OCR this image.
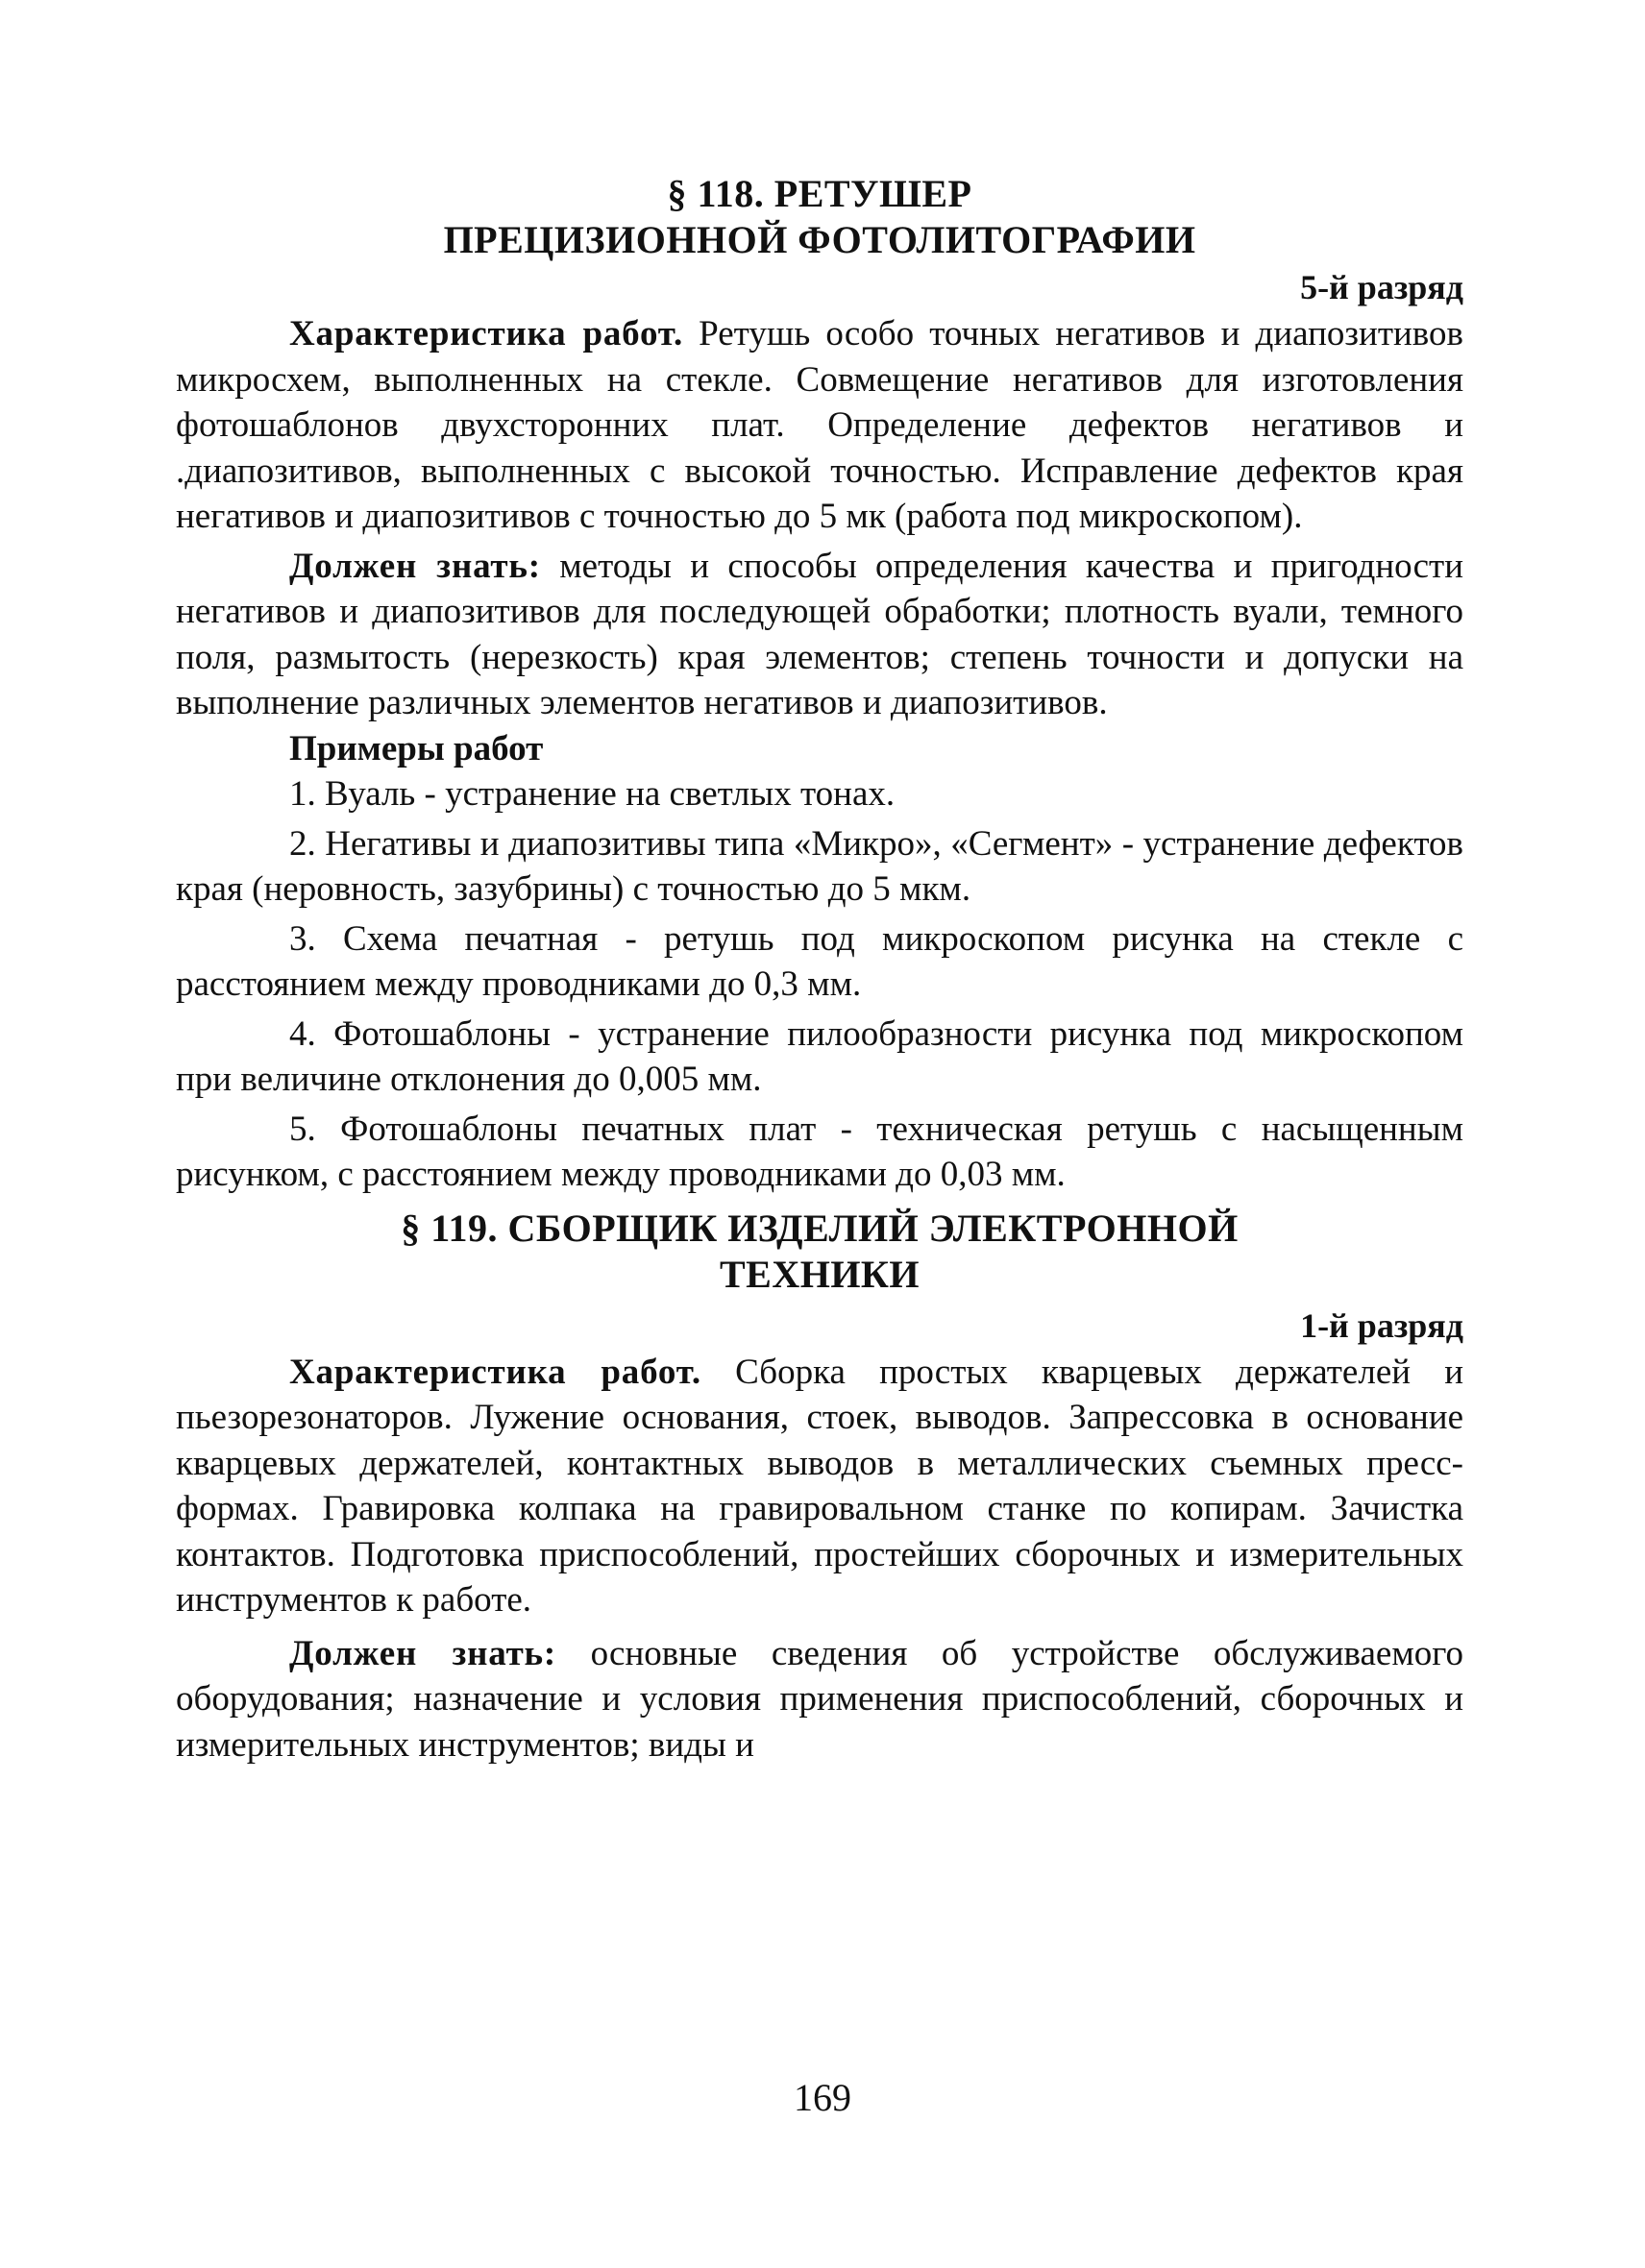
§ 118. РЕТУШЕР

ПРЕЦИЗИОННОЙ ФОТОЛИТОГРАФИИ

5-й разряд

Характеристика работ. Ретушь особо точных негативов и диапозитивов микросхем, выполненных на стекле. Совмещение негативов для изготовления фотошаблонов двухсторонних плат. Определение дефектов негативов и .диапозитивов, выполненных с высокой точностью. Исправление дефектов края негативов и диапозитивов с точностью до 5 мк (работа под микроскопом).

Должен знать: методы и способы определения качества и пригодности негативов и диапозитивов для последующей обработки; плотность вуали, темного поля, размытость (нерезкость) края элементов; степень точности и допуски на выполнение различных элементов негативов и диапозитивов.

Примеры работ

1. Вуаль - устранение на светлых тонах.

2. Негативы и диапозитивы типа «Микро», «Сегмент» - устранение дефектов края (неровность, зазубрины) с точностью до 5 мкм.

3. Схема печатная - ретушь под микроскопом рисунка на стекле с расстоянием между проводниками до 0,3 мм.

4. Фотошаблоны - устранение пилообразности рисунка под микроскопом при величине отклонения до 0,005 мм.

5. Фотошаблоны печатных плат - техническая ретушь с насыщенным рисунком, с расстоянием между проводниками до 0,03 мм.

§ 119. СБОРЩИК ИЗДЕЛИЙ ЭЛЕКТРОННОЙ

ТЕХНИКИ

1-й разряд

Характеристика работ. Сборка простых кварцевых держателей и пьезорезонаторов. Лужение основания, стоек, выводов. Запрессовка в основание кварцевых держателей, контактных выводов в металлических съемных пресс-формах. Гравировка колпака на гравировальном станке по копирам. Зачистка контактов. Подготовка приспособлений, простейших сборочных и измерительных инструментов к работе.

Должен знать: основные сведения об устройстве обслуживаемого оборудования; назначение и условия применения приспособлений, сборочных и измерительных инструментов; виды и

169
